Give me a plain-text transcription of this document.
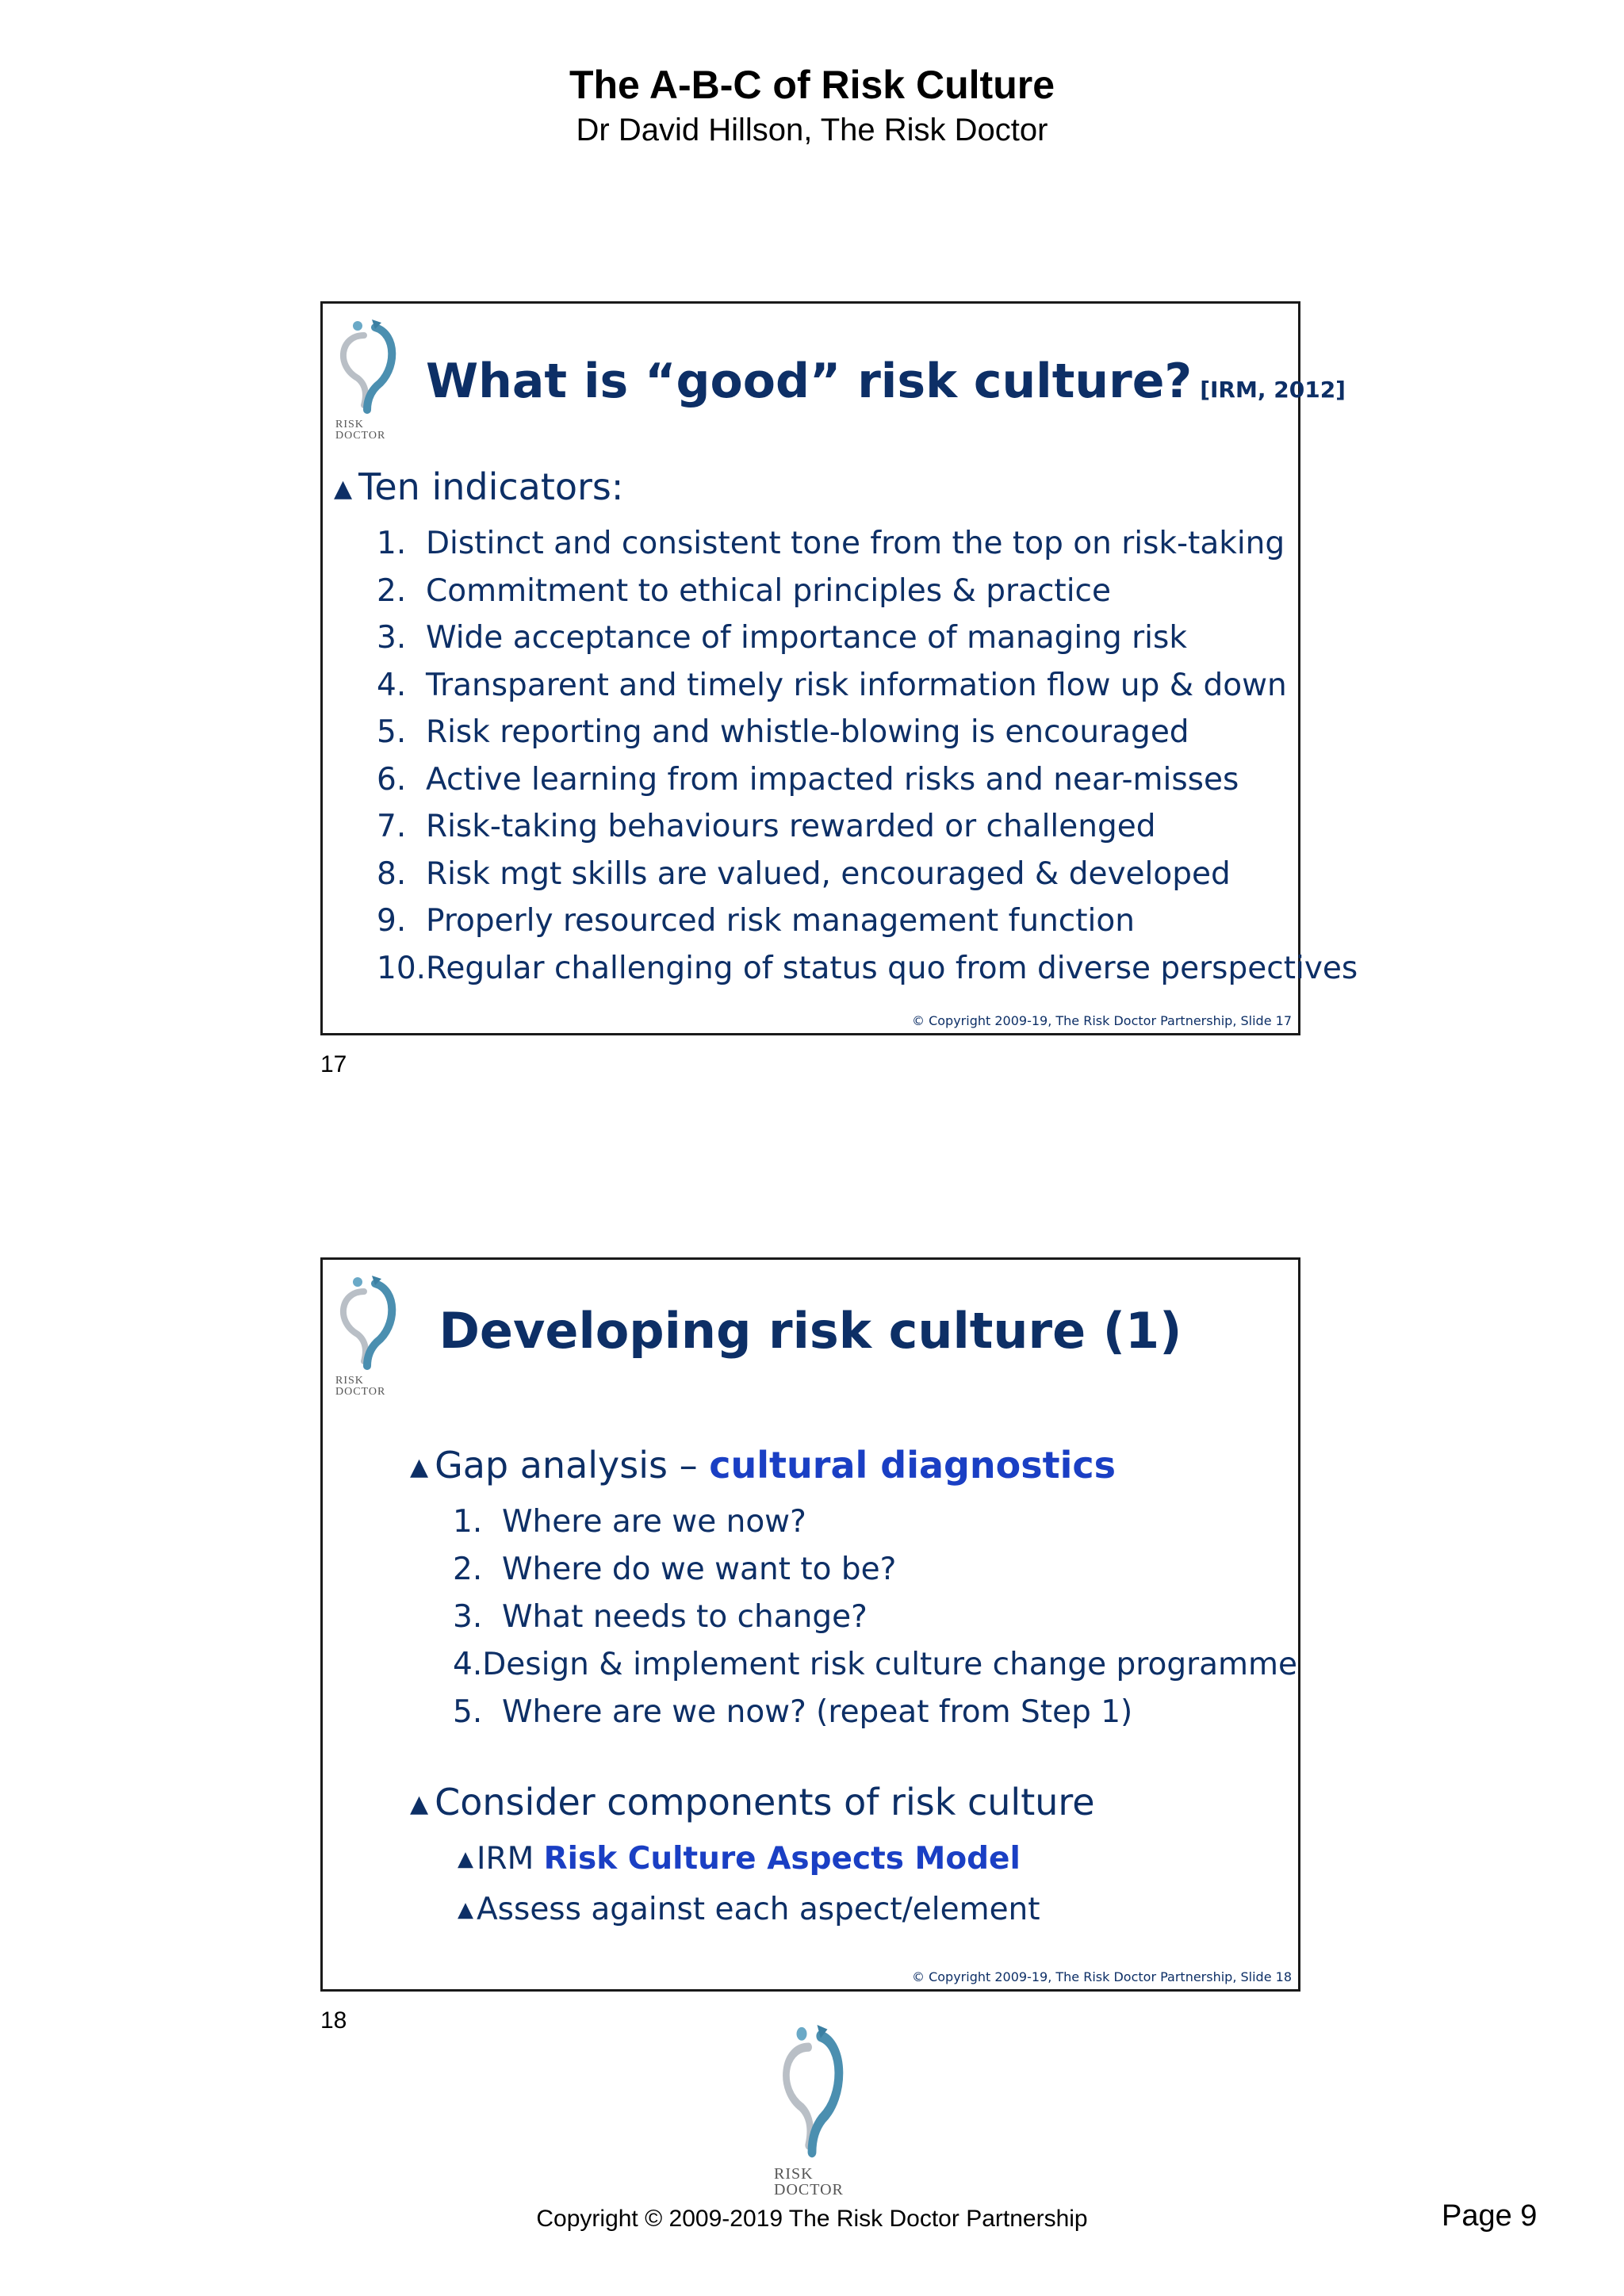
The A-B-C of Risk Culture
Dr David Hillson, The Risk Doctor
RISK
DOCTOR
What is “good” risk culture? [IRM, 2012]
▲ Ten indicators:
1. Distinct and consistent tone from the top on risk-taking
2. Commitment to ethical principles & practice
3. Wide acceptance of importance of managing risk
4. Transparent and timely risk information flow up & down
5. Risk reporting and whistle-blowing is encouraged
6. Active learning from impacted risks and near-misses
7. Risk-taking behaviours rewarded or challenged
8. Risk mgt skills are valued, encouraged & developed
9. Properly resourced risk management function
10. Regular challenging of status quo from diverse perspectives
© Copyright 2009-19, The Risk Doctor Partnership, Slide 17
17
RISK
DOCTOR
Developing risk culture (1)
▲ Gap analysis –
cultural diagnostics
1. Where are we now?
2. Where do we want to be?
3. What needs to change?
4. Design & implement risk culture change programme
5. Where are we now? (repeat from Step 1)
▲ Consider components of risk culture
▲ IRM
Risk Culture Aspects Model
▲ Assess against each aspect/element
© Copyright 2009-19, The Risk Doctor Partnership, Slide 18
18
RISK
DOCTOR
Copyright © 2009-2019 The Risk Doctor Partnership	Page 9
